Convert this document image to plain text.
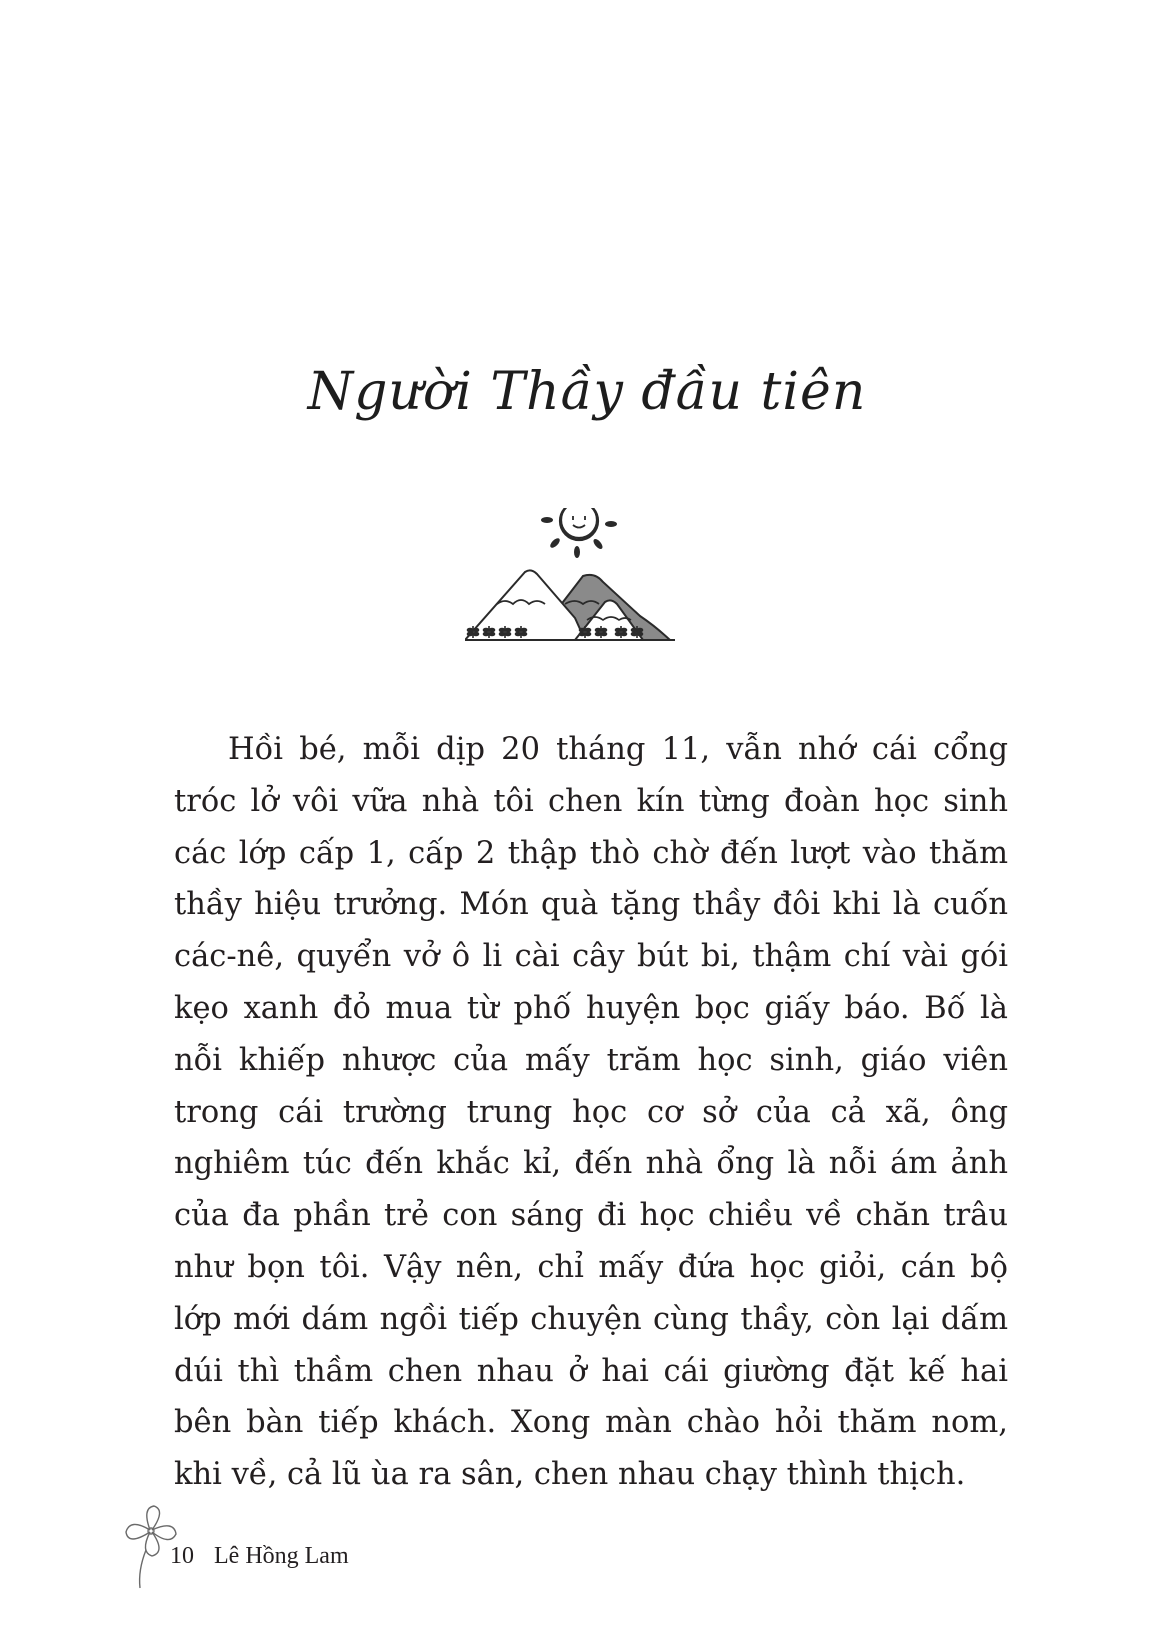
Người Thầy đầu tiên

Hồi bé, mỗi dịp 20 tháng 11, vẫn nhớ cái cổng tróc lở vôi vữa nhà tôi chen kín từng đoàn học sinh các lớp cấp 1, cấp 2 thập thò chờ đến lượt vào thăm thầy hiệu trưởng. Món quà tặng thầy đôi khi là cuốn các-nê, quyển vở ô li cài cây bút bi, thậm chí vài gói kẹo xanh đỏ mua từ phố huyện bọc giấy báo. Bố là nỗi khiếp nhược của mấy trăm học sinh, giáo viên trong cái trường trung học cơ sở của cả xã, ông nghiêm túc đến khắc kỉ, đến nhà ổng là nỗi ám ảnh của đa phần trẻ con sáng đi học chiều về chăn trâu như bọn tôi. Vậy nên, chỉ mấy đứa học giỏi, cán bộ lớp mới dám ngồi tiếp chuyện cùng thầy, còn lại dấm dúi thì thầm chen nhau ở hai cái giường đặt kế hai bên bàn tiếp khách. Xong màn chào hỏi thăm nom, khi về, cả lũ ùa ra sân, chen nhau chạy thình thịch.

10 Lê Hồng Lam
